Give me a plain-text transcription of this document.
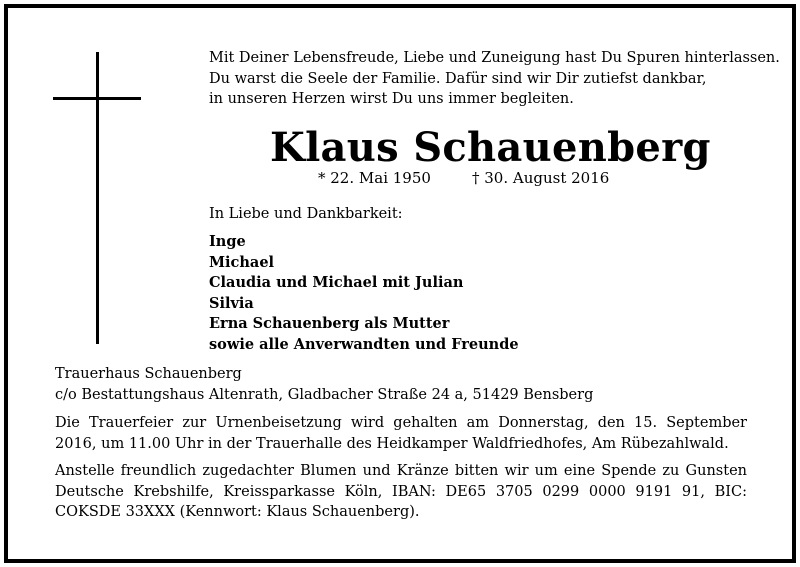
Mit Deiner Lebensfreude, Liebe und Zuneigung hast Du Spuren hinterlassen.
Du warst die Seele der Familie. Dafür sind wir Dir zutiefst dankbar,
in unseren Herzen wirst Du uns immer begleiten.
Klaus Schauenberg
* 22. Mai 1950	† 30. August 2016
In Liebe und Dankbarkeit:
Inge
Michael
Claudia und Michael mit Julian
Silvia
Erna Schauenberg als Mutter
sowie alle Anverwandten und Freunde
Trauerhaus Schauenberg
c/o Bestattungshaus Altenrath, Gladbacher Straße 24 a, 51429 Bensberg
Die Trauerfeier zur Urnenbeisetzung wird gehalten am Donnerstag, den 15. September 2016, um 11.00 Uhr in der Trauerhalle des Heidkamper Waldfriedhofes, Am Rübezahlwald.
Anstelle freundlich zugedachter Blumen und Kränze bitten wir um eine Spende zu Gunsten Deutsche Krebshilfe, Kreissparkasse Köln, IBAN: DE65 3705 0299 0000 9191 91, BIC: COKSDE 33XXX (Kennwort: Klaus Schauenberg).
